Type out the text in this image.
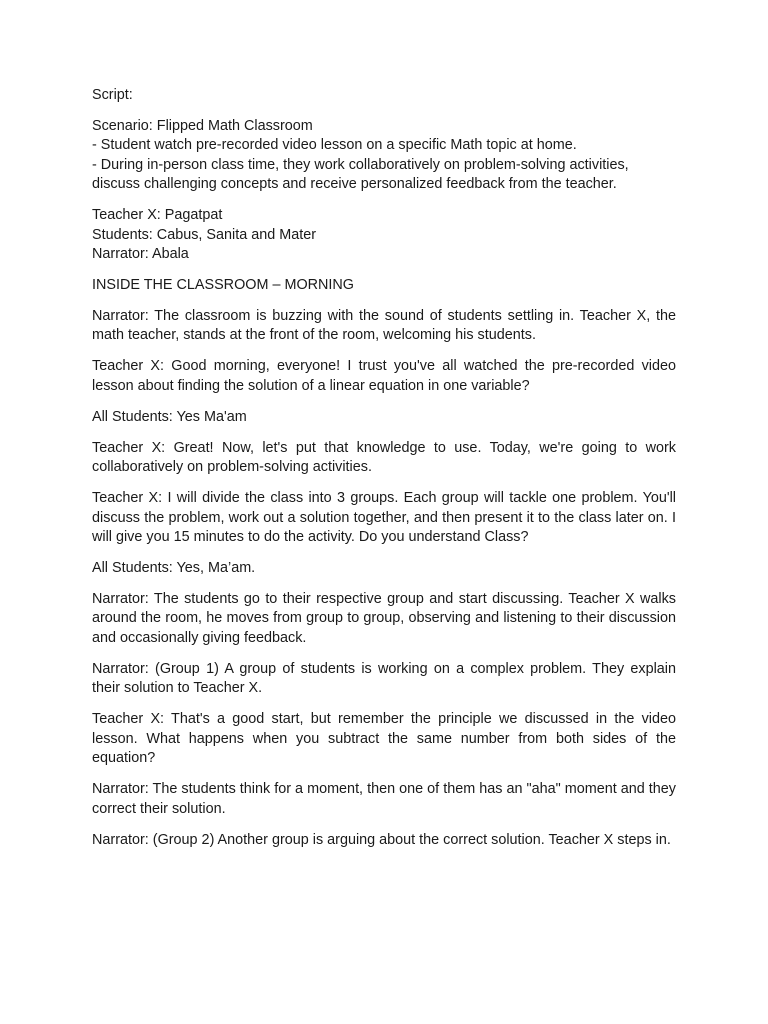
Script:

Scenario: Flipped Math Classroom
- Student watch pre-recorded video lesson on a specific Math topic at home.
- During in-person class time, they work collaboratively on problem-solving activities, discuss challenging concepts and receive personalized feedback from the teacher.
Teacher X: Pagatpat
Students: Cabus, Sanita and Mater
Narrator: Abala

INSIDE THE CLASSROOM – MORNING

Narrator: The classroom is buzzing with the sound of students settling in. Teacher X, the math teacher, stands at the front of the room, welcoming his students.

Teacher X: Good morning, everyone! I trust you've all watched the pre-recorded video lesson about finding the solution of a linear equation in one variable?

All Students: Yes Ma'am

Teacher X: Great! Now, let's put that knowledge to use. Today, we're going to work collaboratively on problem-solving activities.

Teacher X: I will divide the class into 3 groups. Each group will tackle one problem. You'll discuss the problem, work out a solution together, and then present it to the class later on. I will give you 15 minutes to do the activity. Do you understand Class?

All Students: Yes, Ma’am.

Narrator: The students go to their respective group and start discussing. Teacher X walks around the room, he moves from group to group, observing and listening to their discussion and occasionally giving feedback.

Narrator: (Group 1) A group of students is working on a complex problem. They explain their solution to Teacher X.

Teacher X: That's a good start, but remember the principle we discussed in the video lesson. What happens when you subtract the same number from both sides of the equation?

Narrator: The students think for a moment, then one of them has an "aha" moment and they correct their solution.

Narrator: (Group 2) Another group is arguing about the correct solution. Teacher X steps in.
